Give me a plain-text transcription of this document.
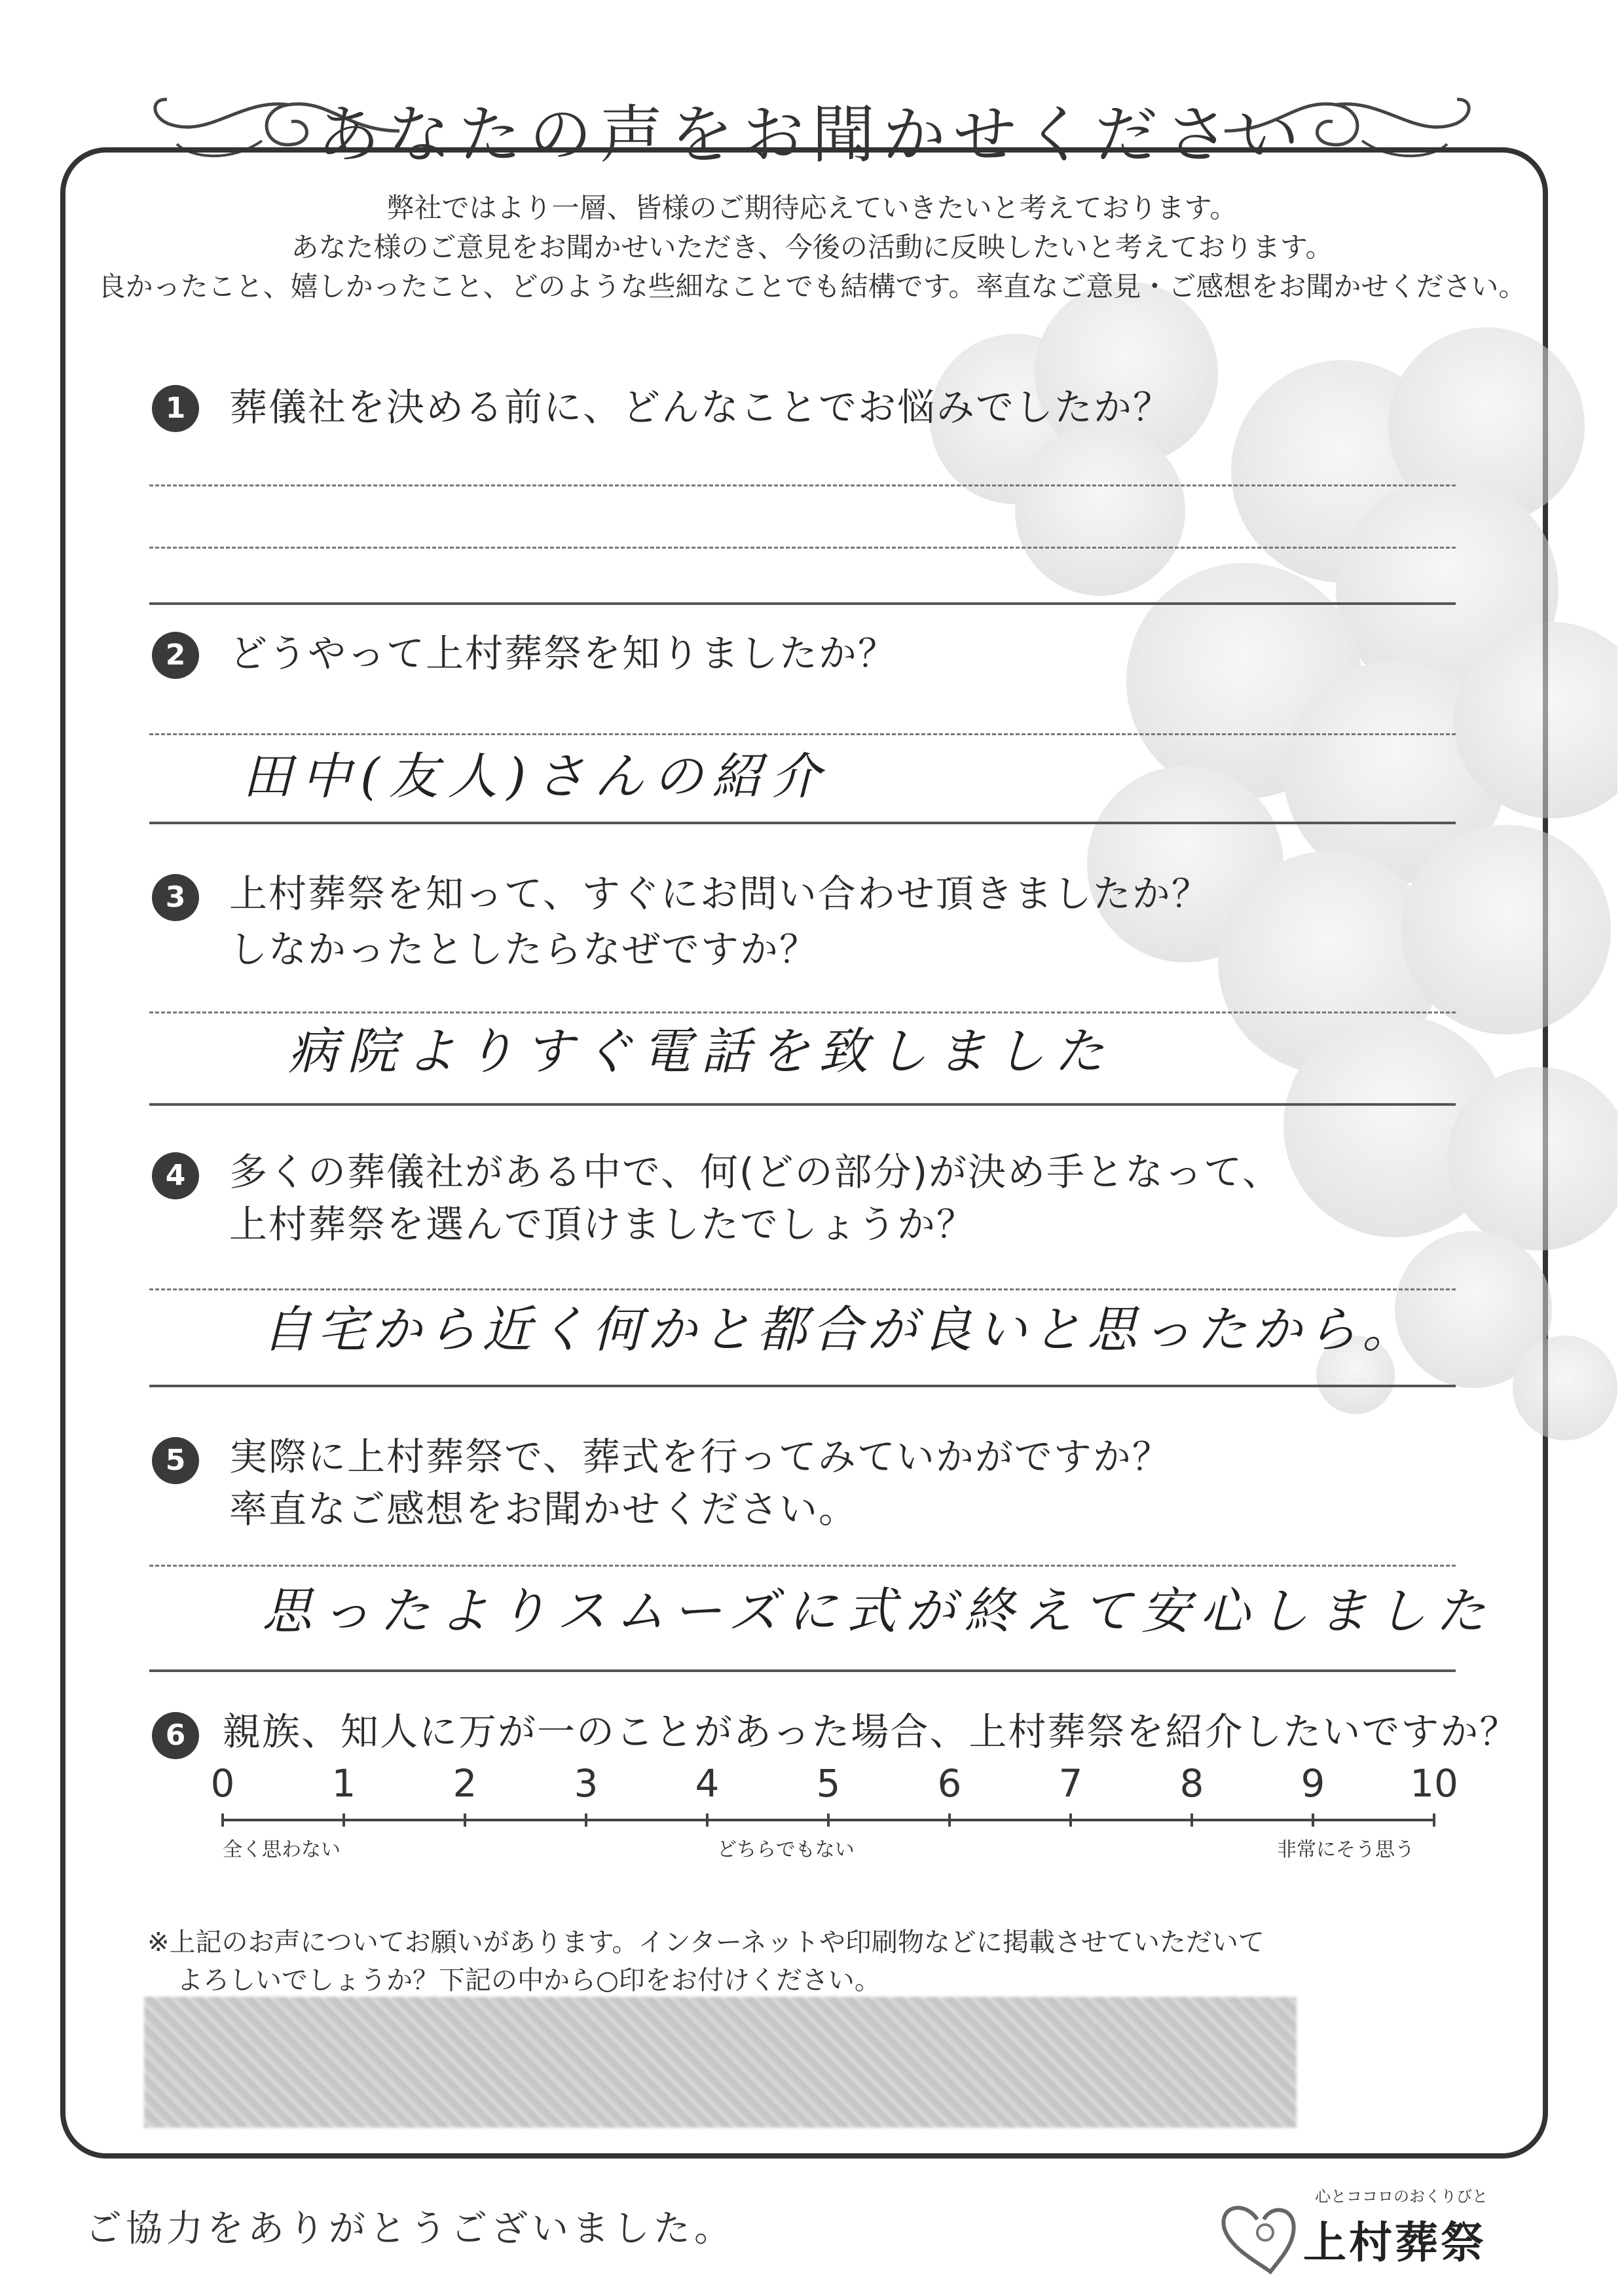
あなたの声をお聞かせください
弊社ではより一層、皆様のご期待応えていきたいと考えております。
あなた様のご意見をお聞かせいただき、今後の活動に反映したいと考えております。
良かったこと、嬉しかったこと、どのような些細なことでも結構です。率直なご意見・ご感想をお聞かせください。
1	葬儀社を決める前に、どんなことでお悩みでしたか？
2	どうやって上村葬祭を知りましたか？
田中(友人)さんの紹介
3	上村葬祭を知って、すぐにお問い合わせ頂きましたか？
しなかったとしたらなぜですか？
病院よりすぐ電話を致しました
4	多くの葬儀社がある中で、何(どの部分)が決め手となって、
上村葬祭を選んで頂けましたでしょうか？
自宅から近く何かと都合が良いと思ったから。
5	実際に上村葬祭で、葬式を行ってみていかがですか？
率直なご感想をお聞かせください。
思ったよりスムーズに式が終えて安心しました
6 親族、知人に万が一のことがあった場合、上村葬祭を紹介したいですか？
0	1	2	3	4	5	6	7	8	9	10
全く思わない	どちらでもない	非常にそう思う
※上記のお声についてお願いがあります。インターネットや印刷物などに掲載させていただいて
よろしいでしょうか？下記の中から○印をお付けください。
ご協力をありがとうございました。
心とココロのおくりびと
上村葬祭
